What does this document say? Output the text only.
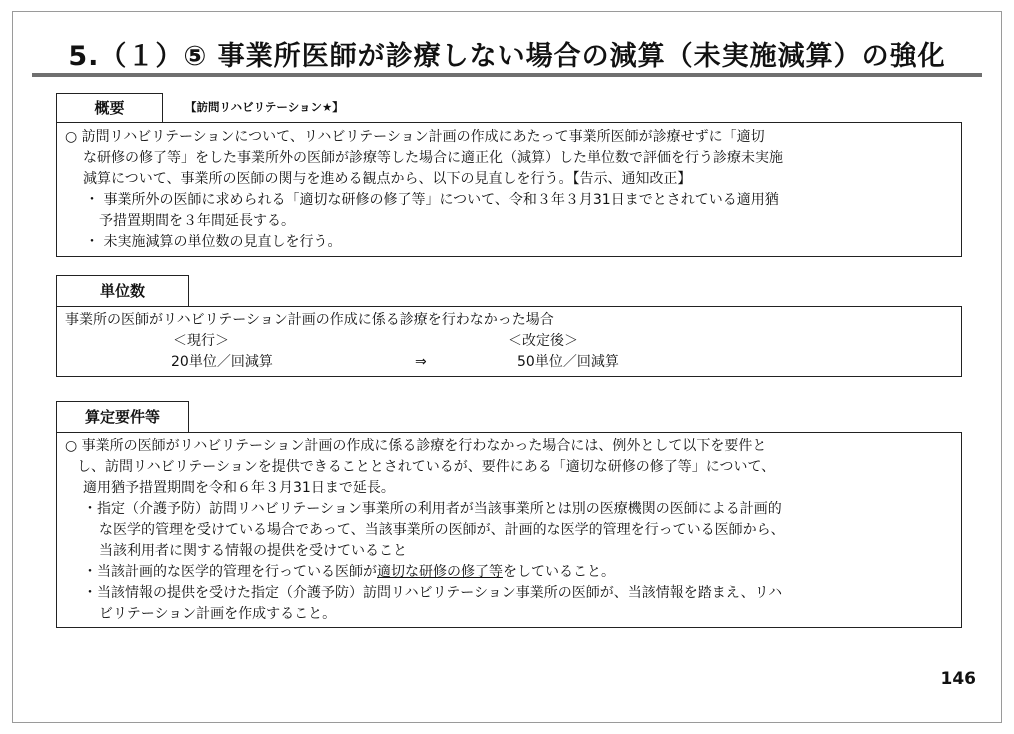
5.（１）⑤ 事業所医師が診療しない場合の減算（未実施減算）の強化
概要	【訪問リハビリテーション★】
○ 訪問リハビリテーションについて、リハビリテーション計画の作成にあたって事業所医師が診療せずに「適切
な研修の修了等」をした事業所外の医師が診療等した場合に適正化（減算）した単位数で評価を行う診療未実施
減算について、事業所の医師の関与を進める観点から、以下の見直しを行う。【告示、通知改正】
・ 事業所外の医師に求められる「適切な研修の修了等」について、令和３年３月31日までとされている適用猶
予措置期間を３年間延長する。
・ 未実施減算の単位数の見直しを行う。
単位数
事業所の医師がリハビリテーション計画の作成に係る診療を行わなかった場合
＜現行＞	＜改定後＞
20単位／回減算	⇒	50単位／回減算
算定要件等
○ 事業所の医師がリハビリテーション計画の作成に係る診療を行わなかった場合には、例外として以下を要件と
し、訪問リハビリテーションを提供できることとされているが、要件にある「適切な研修の修了等」について、
適用猶予措置期間を令和６年３月31日まで延長。
・指定（介護予防）訪問リハビリテーション事業所の利用者が当該事業所とは別の医療機関の医師による計画的
な医学的管理を受けている場合であって、当該事業所の医師が、計画的な医学的管理を行っている医師から、
当該利用者に関する情報の提供を受けていること
・当該計画的な医学的管理を行っている医師が適切な研修の修了等をしていること。
・当該情報の提供を受けた指定（介護予防）訪問リハビリテーション事業所の医師が、当該情報を踏まえ、リハ
ビリテーション計画を作成すること。
146
